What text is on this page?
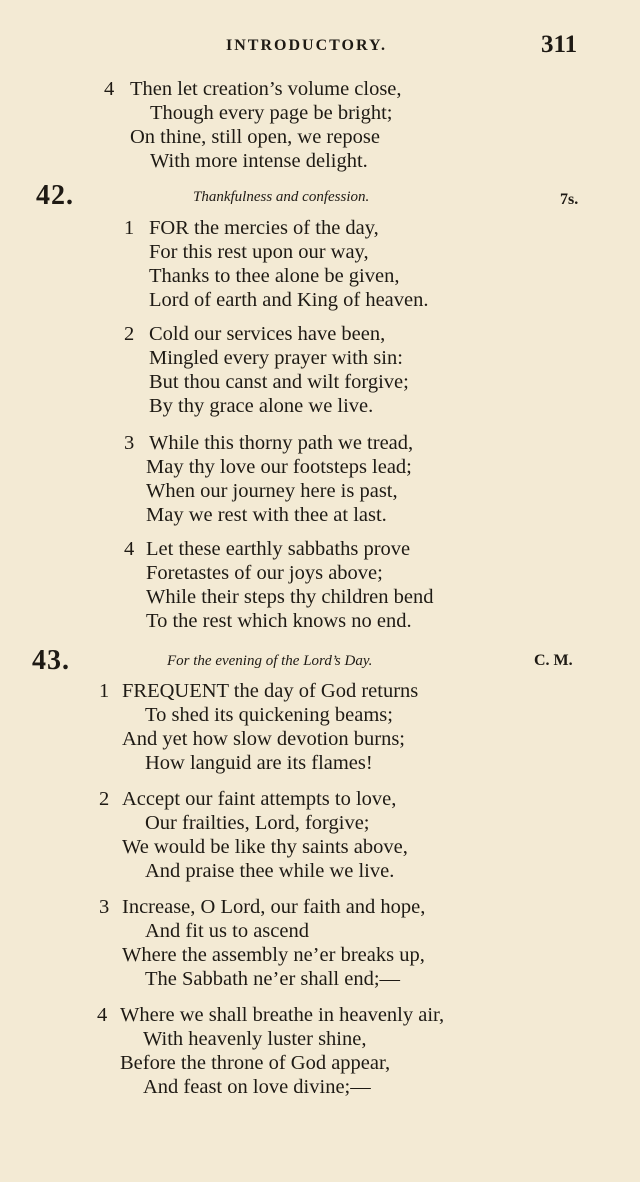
INTRODUCTORY.	311
4 Then let creation’s volume close,
Though every page be bright;
On thine, still open, we repose
With more intense delight.
42.	Thankfulness and confession.	7s.
1 FOR the mercies of the day,
For this rest upon our way,
Thanks to thee alone be given,
Lord of earth and King of heaven.
2 Cold our services have been,
Mingled every prayer with sin:
But thou canst and wilt forgive;
By thy grace alone we live.
3 While this thorny path we tread,
May thy love our footsteps lead;
When our journey here is past,
May we rest with thee at last.
4 Let these earthly sabbaths prove
Foretastes of our joys above;
While their steps thy children bend
To the rest which knows no end.
43.	For the evening of the Lord’s Day.	C. M.
1 FREQUENT the day of God returns
To shed its quickening beams;
And yet how slow devotion burns;
How languid are its flames!
2 Accept our faint attempts to love,
Our frailties, Lord, forgive;
We would be like thy saints above,
And praise thee while we live.
3 Increase, O Lord, our faith and hope,
And fit us to ascend
Where the assembly ne’er breaks up,
The Sabbath ne’er shall end;—
4 Where we shall breathe in heavenly air,
With heavenly luster shine,
Before the throne of God appear,
And feast on love divine;—
